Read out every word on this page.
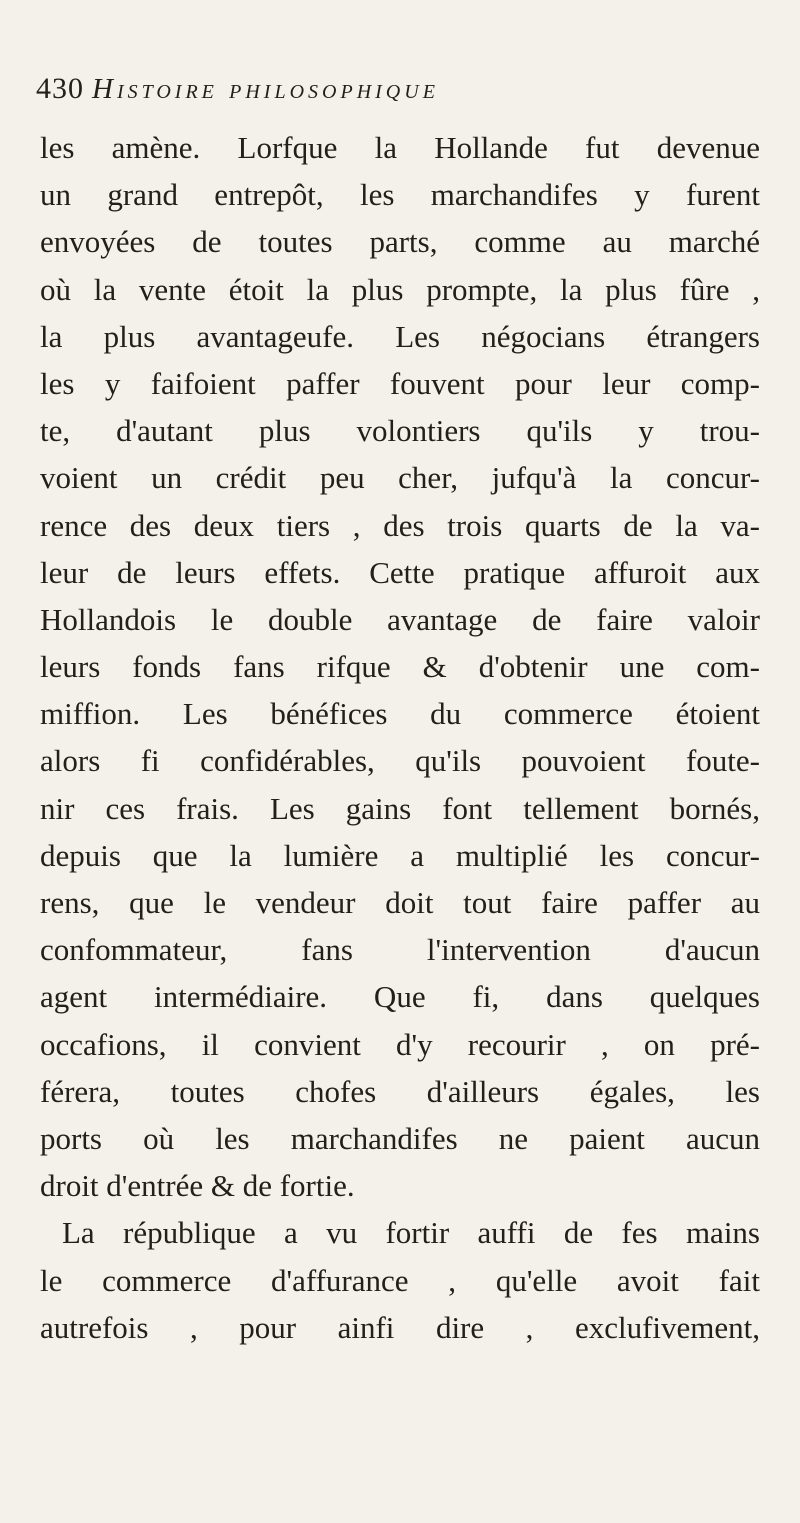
430 Histoire philosophique
les amène. Lorfque la Hollande fut devenue
un grand entrepôt, les marchandifes y furent
envoyées de toutes parts, comme au marché
où la vente étoit la plus prompte, la plus fûre ,
la plus avantageufe. Les négocians étrangers
les y faifoient paffer fouvent pour leur comp-
te, d'autant plus volontiers qu'ils y trou-
voient un crédit peu cher, jufqu'à la concur-
rence des deux tiers , des trois quarts de la va-
leur de leurs effets. Cette pratique affuroit aux
Hollandois le double avantage de faire valoir
leurs fonds fans rifque & d'obtenir une com-
miffion. Les bénéfices du commerce étoient
alors fi confidérables, qu'ils pouvoient foute-
nir ces frais. Les gains font tellement bornés,
depuis que la lumière a multiplié les concur-
rens, que le vendeur doit tout faire paffer au
confommateur, fans l'intervention d'aucun
agent intermédiaire. Que fi, dans quelques
occafions, il convient d'y recourir , on pré-
férera, toutes chofes d'ailleurs égales, les
ports où les marchandifes ne paient aucun
droit d'entrée & de fortie.
La république a vu fortir auffi de fes mains
le commerce d'affurance , qu'elle avoit fait
autrefois , pour ainfi dire , exclufivement,
